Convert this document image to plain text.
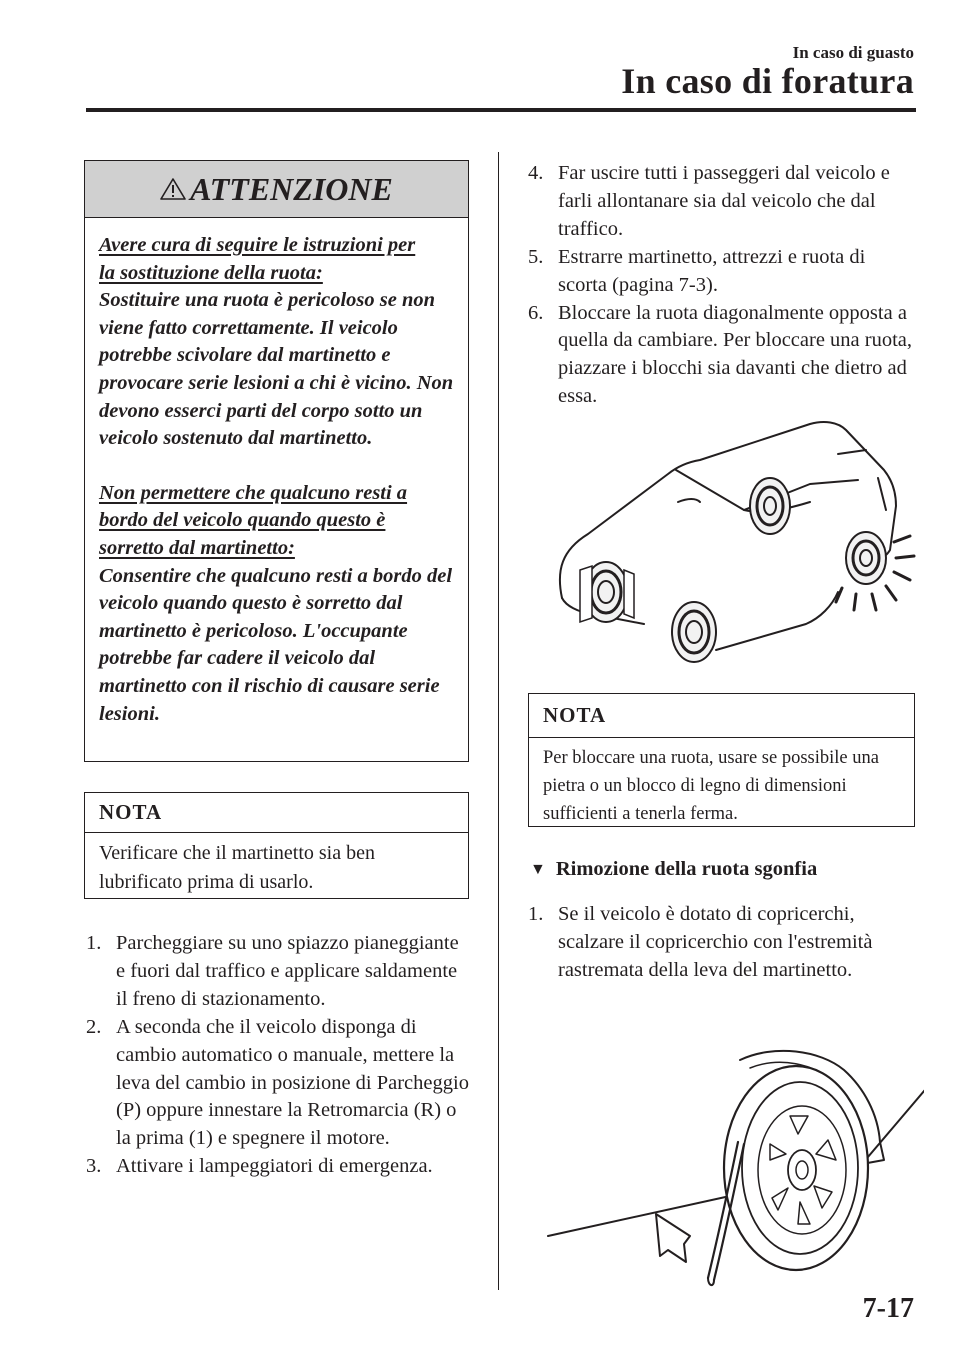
In caso di guasto
In caso di foratura
ATTENZIONE

Avere cura di seguire le istruzioni per

la sostituzione della ruota:

Sostituire una ruota è pericoloso se non viene fatto correttamente. Il veicolo potrebbe scivolare dal martinetto e provocare serie lesioni a chi è vicino. Non devono esserci parti del corpo sotto un veicolo sostenuto dal martinetto.

Non permettere che qualcuno resti a

bordo del veicolo quando questo è

sorretto dal martinetto:

Consentire che qualcuno resti a bordo del veicolo quando questo è sorretto dal martinetto è pericoloso. L'occupante potrebbe far cadere il veicolo dal martinetto con il rischio di causare serie lesioni.

NOTA
Verificare che il martinetto sia ben lubrificato prima di usarlo.
1. Parcheggiare su uno spiazzo pianeggiante e fuori dal traffico e applicare saldamente il freno di stazionamento.
2. A seconda che il veicolo disponga di cambio automatico o manuale, mettere la leva del cambio in posizione di Parcheggio (P) oppure innestare la Retromarcia (R) o la prima (1) e spegnere il motore.
3. Attivare i lampeggiatori di emergenza.
4. Far uscire tutti i passeggeri dal veicolo e farli allontanare sia dal veicolo che dal traffico.
5. Estrarre martinetto, attrezzi e ruota di scorta (pagina 7-3).
6. Bloccare la ruota diagonalmente opposta a quella da cambiare. Per bloccare una ruota, piazzare i blocchi sia davanti che dietro ad essa.
NOTA
Per bloccare una ruota, usare se possibile una pietra o un blocco di legno di dimensioni sufficienti a tenerla ferma.
▼ Rimozione della ruota sgonfia
1. Se il veicolo è dotato di copricerchi, scalzare il copricerchio con l'estremità rastremata della leva del martinetto.
7-17
